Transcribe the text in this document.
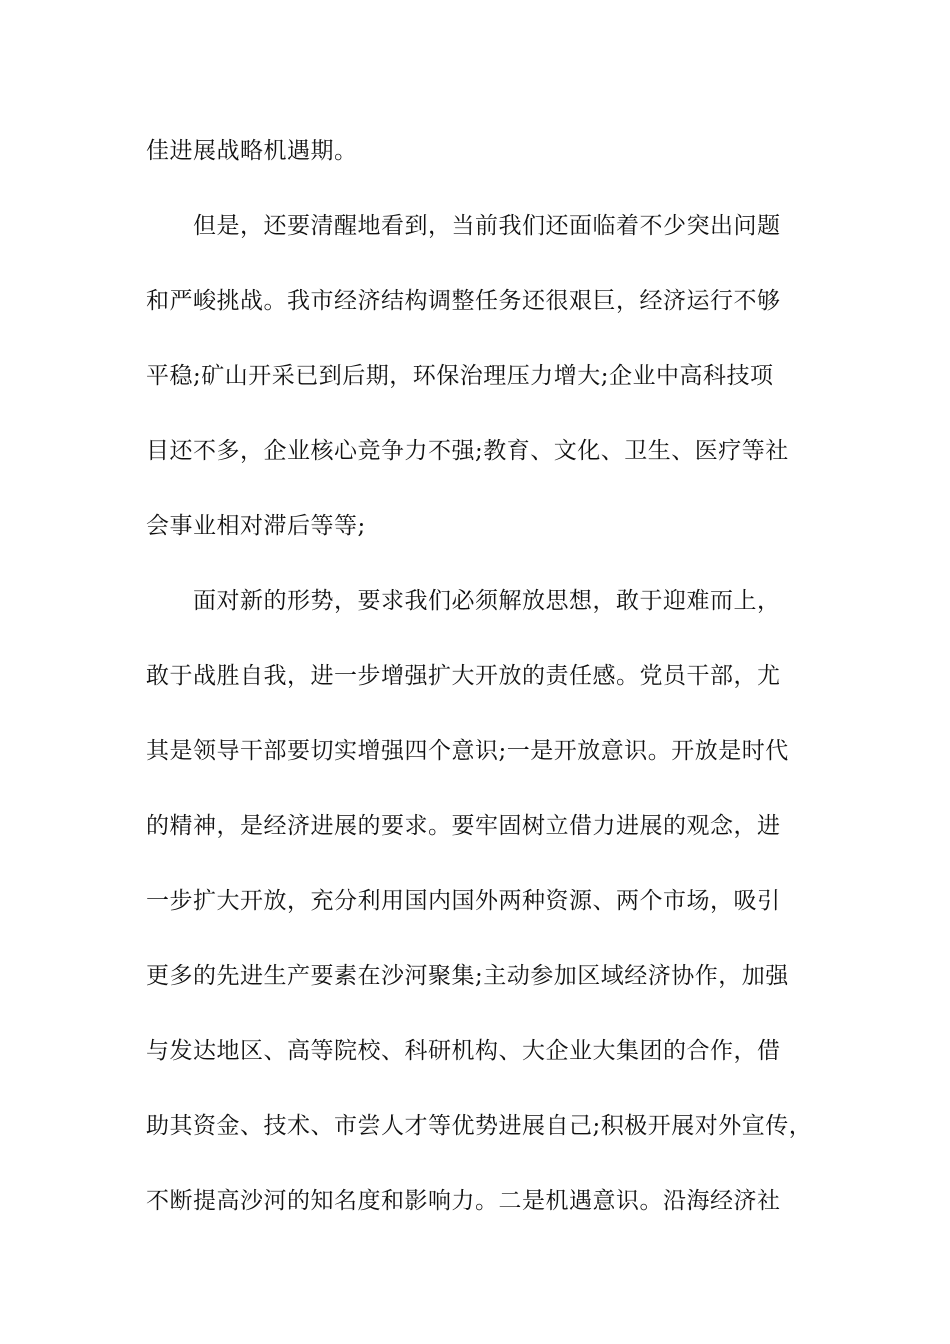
佳进展战略机遇期。
但是，还要清醒地看到，当前我们还面临着不少突出问题
和严峻挑战。我市经济结构调整任务还很艰巨，经济运行不够
平稳;矿山开采已到后期，环保治理压力增大;企业中高科技项
目还不多，企业核心竞争力不强;教育、文化、卫生、医疗等社
会事业相对滞后等等;
面对新的形势，要求我们必须解放思想，敢于迎难而上，
敢于战胜自我，进一步增强扩大开放的责任感。党员干部，尤
其是领导干部要切实增强四个意识;一是开放意识。开放是时代
的精神，是经济进展的要求。要牢固树立借力进展的观念，进
一步扩大开放，充分利用国内国外两种资源、两个市场，吸引
更多的先进生产要素在沙河聚集;主动参加区域经济协作，加强
与发达地区、高等院校、科研机构、大企业大集团的合作，借
助其资金、技术、市尝人才等优势进展自己;积极开展对外宣传，
不断提高沙河的知名度和影响力。二是机遇意识。沿海经济社
